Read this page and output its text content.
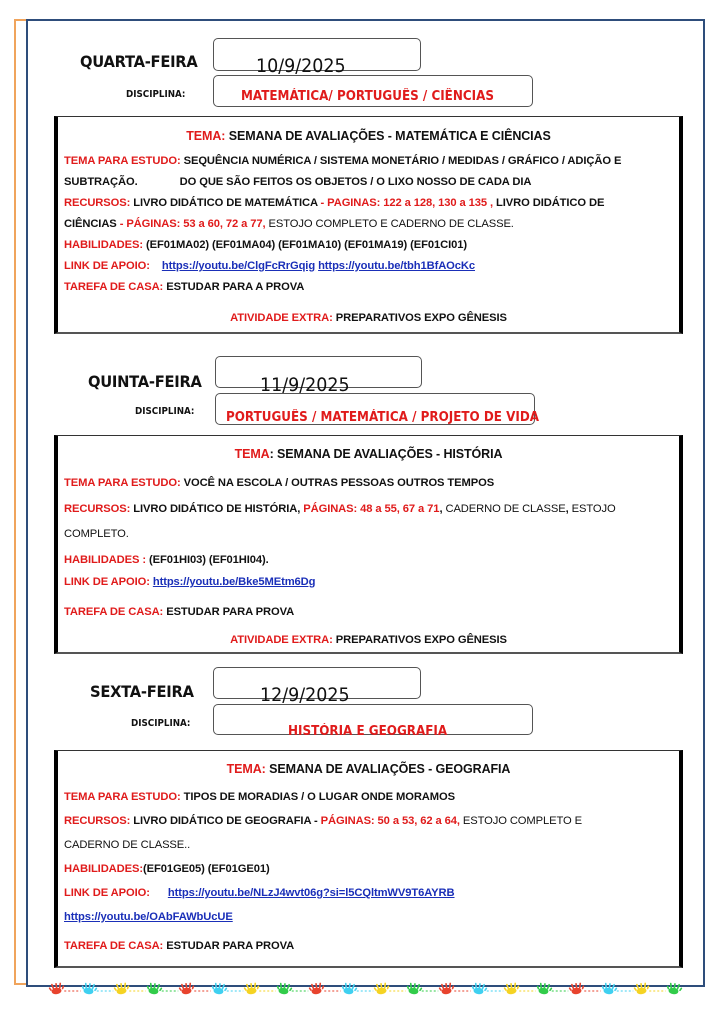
QUARTA-FEIRA	10/9/2025
DISCIPLINA:	MATEMÁTICA/ PORTUGUÊS / CIÊNCIAS
TEMA: SEMANA DE AVALIAÇÕES - MATEMÁTICA E CIÊNCIAS
TEMA PARA ESTUDO: SEQUÊNCIA NUMÉRICA / SISTEMA MONETÁRIO / MEDIDAS / GRÁFICO / ADIÇÃO E
SUBTRAÇÃO.	DO QUE SÃO FEITOS OS OBJETOS / O LIXO NOSSO DE CADA DIA
RECURSOS: LIVRO DIDÁTICO DE MATEMÁTICA - PAGINAS: 122 a 128, 130 a 135 , LIVRO DIDÁTICO DE
CIÊNCIAS - PÁGINAS: 53 a 60, 72 a 77, ESTOJO COMPLETO E CADERNO DE CLASSE.
HABILIDADES: (EF01MA02) (EF01MA04) (EF01MA10) (EF01MA19) (EF01CI01)
LINK DE APOIO: https://youtu.be/ClgFcRrGqig https://youtu.be/tbh1BfAOcKc
TAREFA DE CASA: ESTUDAR PARA A PROVA
ATIVIDADE EXTRA: PREPARATIVOS EXPO GÊNESIS
QUINTA-FEIRA	11/9/2025
DISCIPLINA: PORTUGUÊS / MATEMÁTICA / PROJETO DE VIDA
TEMA: SEMANA DE AVALIAÇÕES - HISTÓRIA
TEMA PARA ESTUDO: VOCÊ NA ESCOLA / OUTRAS PESSOAS OUTROS TEMPOS
RECURSOS: LIVRO DIDÁTICO DE HISTÓRIA, PÁGINAS: 48 a 55, 67 a 71, CADERNO DE CLASSE, ESTOJO
COMPLETO.
HABILIDADES : (EF01HI03) (EF01HI04).
LINK DE APOIO: https://youtu.be/Bke5MEtm6Dg
TAREFA DE CASA: ESTUDAR PARA PROVA
ATIVIDADE EXTRA: PREPARATIVOS EXPO GÊNESIS
SEXTA-FEIRA	12/9/2025
DISCIPLINA:
HISTÓRIA E GEOGRAFIA
TEMA: SEMANA DE AVALIAÇÕES - GEOGRAFIA
TEMA PARA ESTUDO: TIPOS DE MORADIAS / O LUGAR ONDE MORAMOS
RECURSOS: LIVRO DIDÁTICO DE GEOGRAFIA - PÁGINAS: 50 a 53, 62 a 64, ESTOJO COMPLETO E
CADERNO DE CLASSE..
HABILIDADES:(EF01GE05) (EF01GE01)
LINK DE APOIO: https://youtu.be/NLzJ4wvt06g?si=l5CQltmWV9T6AYRB
https://youtu.be/OAbFAWbUcUE
TAREFA DE CASA: ESTUDAR PARA PROVA
